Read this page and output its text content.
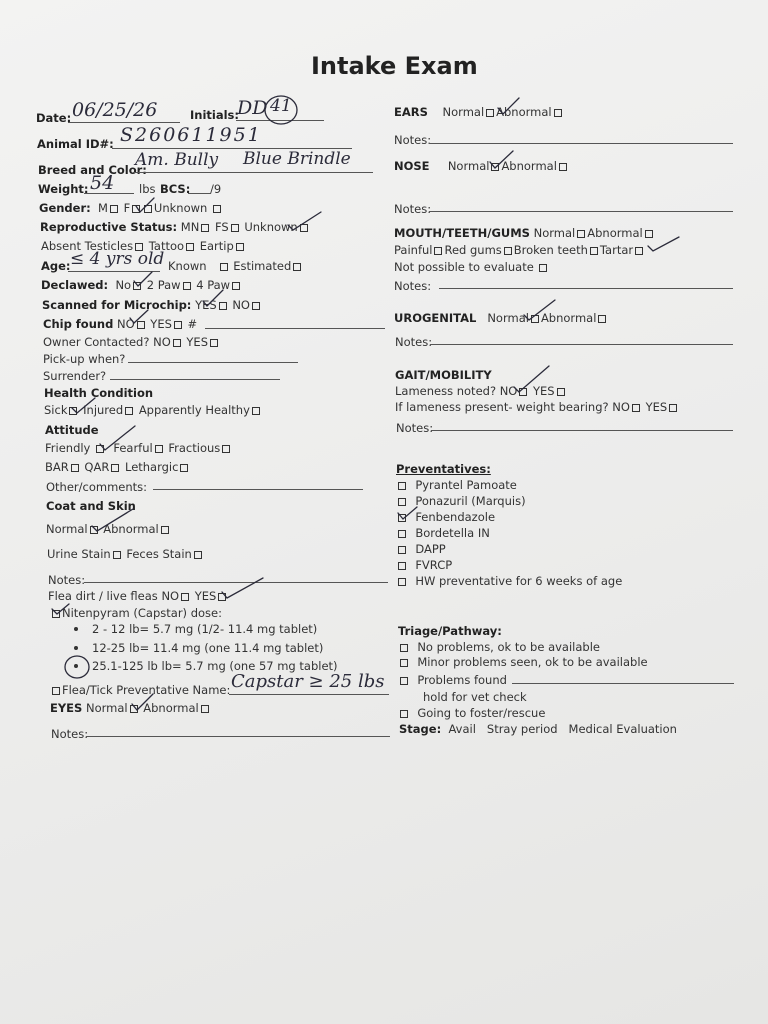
Intake Exam
Date: 06/25/26	Initials:
DD 41
Animal ID#: S260611951
Breed and Color:
Am. Bully Blue Brindle
Weight: 54 lbs BCS: /9
Gender: M F Unknown
Reproductive Status: MN FS Unknown
Absent Testicles Tattoo Eartip
Age: ≤ 4 yrs old Known Estimated
Declawed: No 2 Paw 4 Paw
Scanned for Microchip: YES NO
Chip found NO YES #
Owner Contacted? NO YES
Pick-up when?
Surrender?
Health Condition
Sick Injured Apparently Healthy
Attitude
Friendly Fearful Fractious
BAR QAR Lethargic
Other/comments:
Coat and Skin
Normal Abnormal
Urine Stain Feces Stain
Notes:
Flea dirt / live fleas NO YES
Nitenpyram (Capstar) dose:
2 - 12 lb= 5.7 mg (1/2- 11.4 mg tablet)
12-25 lb= 11.4 mg (one 11.4 mg tablet)
25.1-125 lb lb= 5.7 mg (one 57 mg tablet)
Flea/Tick Preventative Name: Capstar ≥ 25 lbs
EYES Normal Abnormal
Notes:
EARS Normal Abnormal
Notes:
NOSE Normal Abnormal
Notes:
MOUTH/TEETH/GUMS Normal Abnormal
Painful Red gums Broken teeth Tartar
Not possible to evaluate
Notes:
UROGENITAL Normal Abnormal
Notes:
GAIT/MOBILITY
Lameness noted? NO YES
If lameness present- weight bearing? NO YES
Notes:
Preventatives:
Pyrantel Pamoate
Ponazuril (Marquis)
Fenbendazole
Bordetella IN
DAPP
FVRCP
HW preventative for 6 weeks of age
Triage/Pathway:
No problems, ok to be available
Minor problems seen, ok to be available
Problems found
hold for vet check
Going to foster/rescue
Stage: Avail Stray period Medical Evaluation
